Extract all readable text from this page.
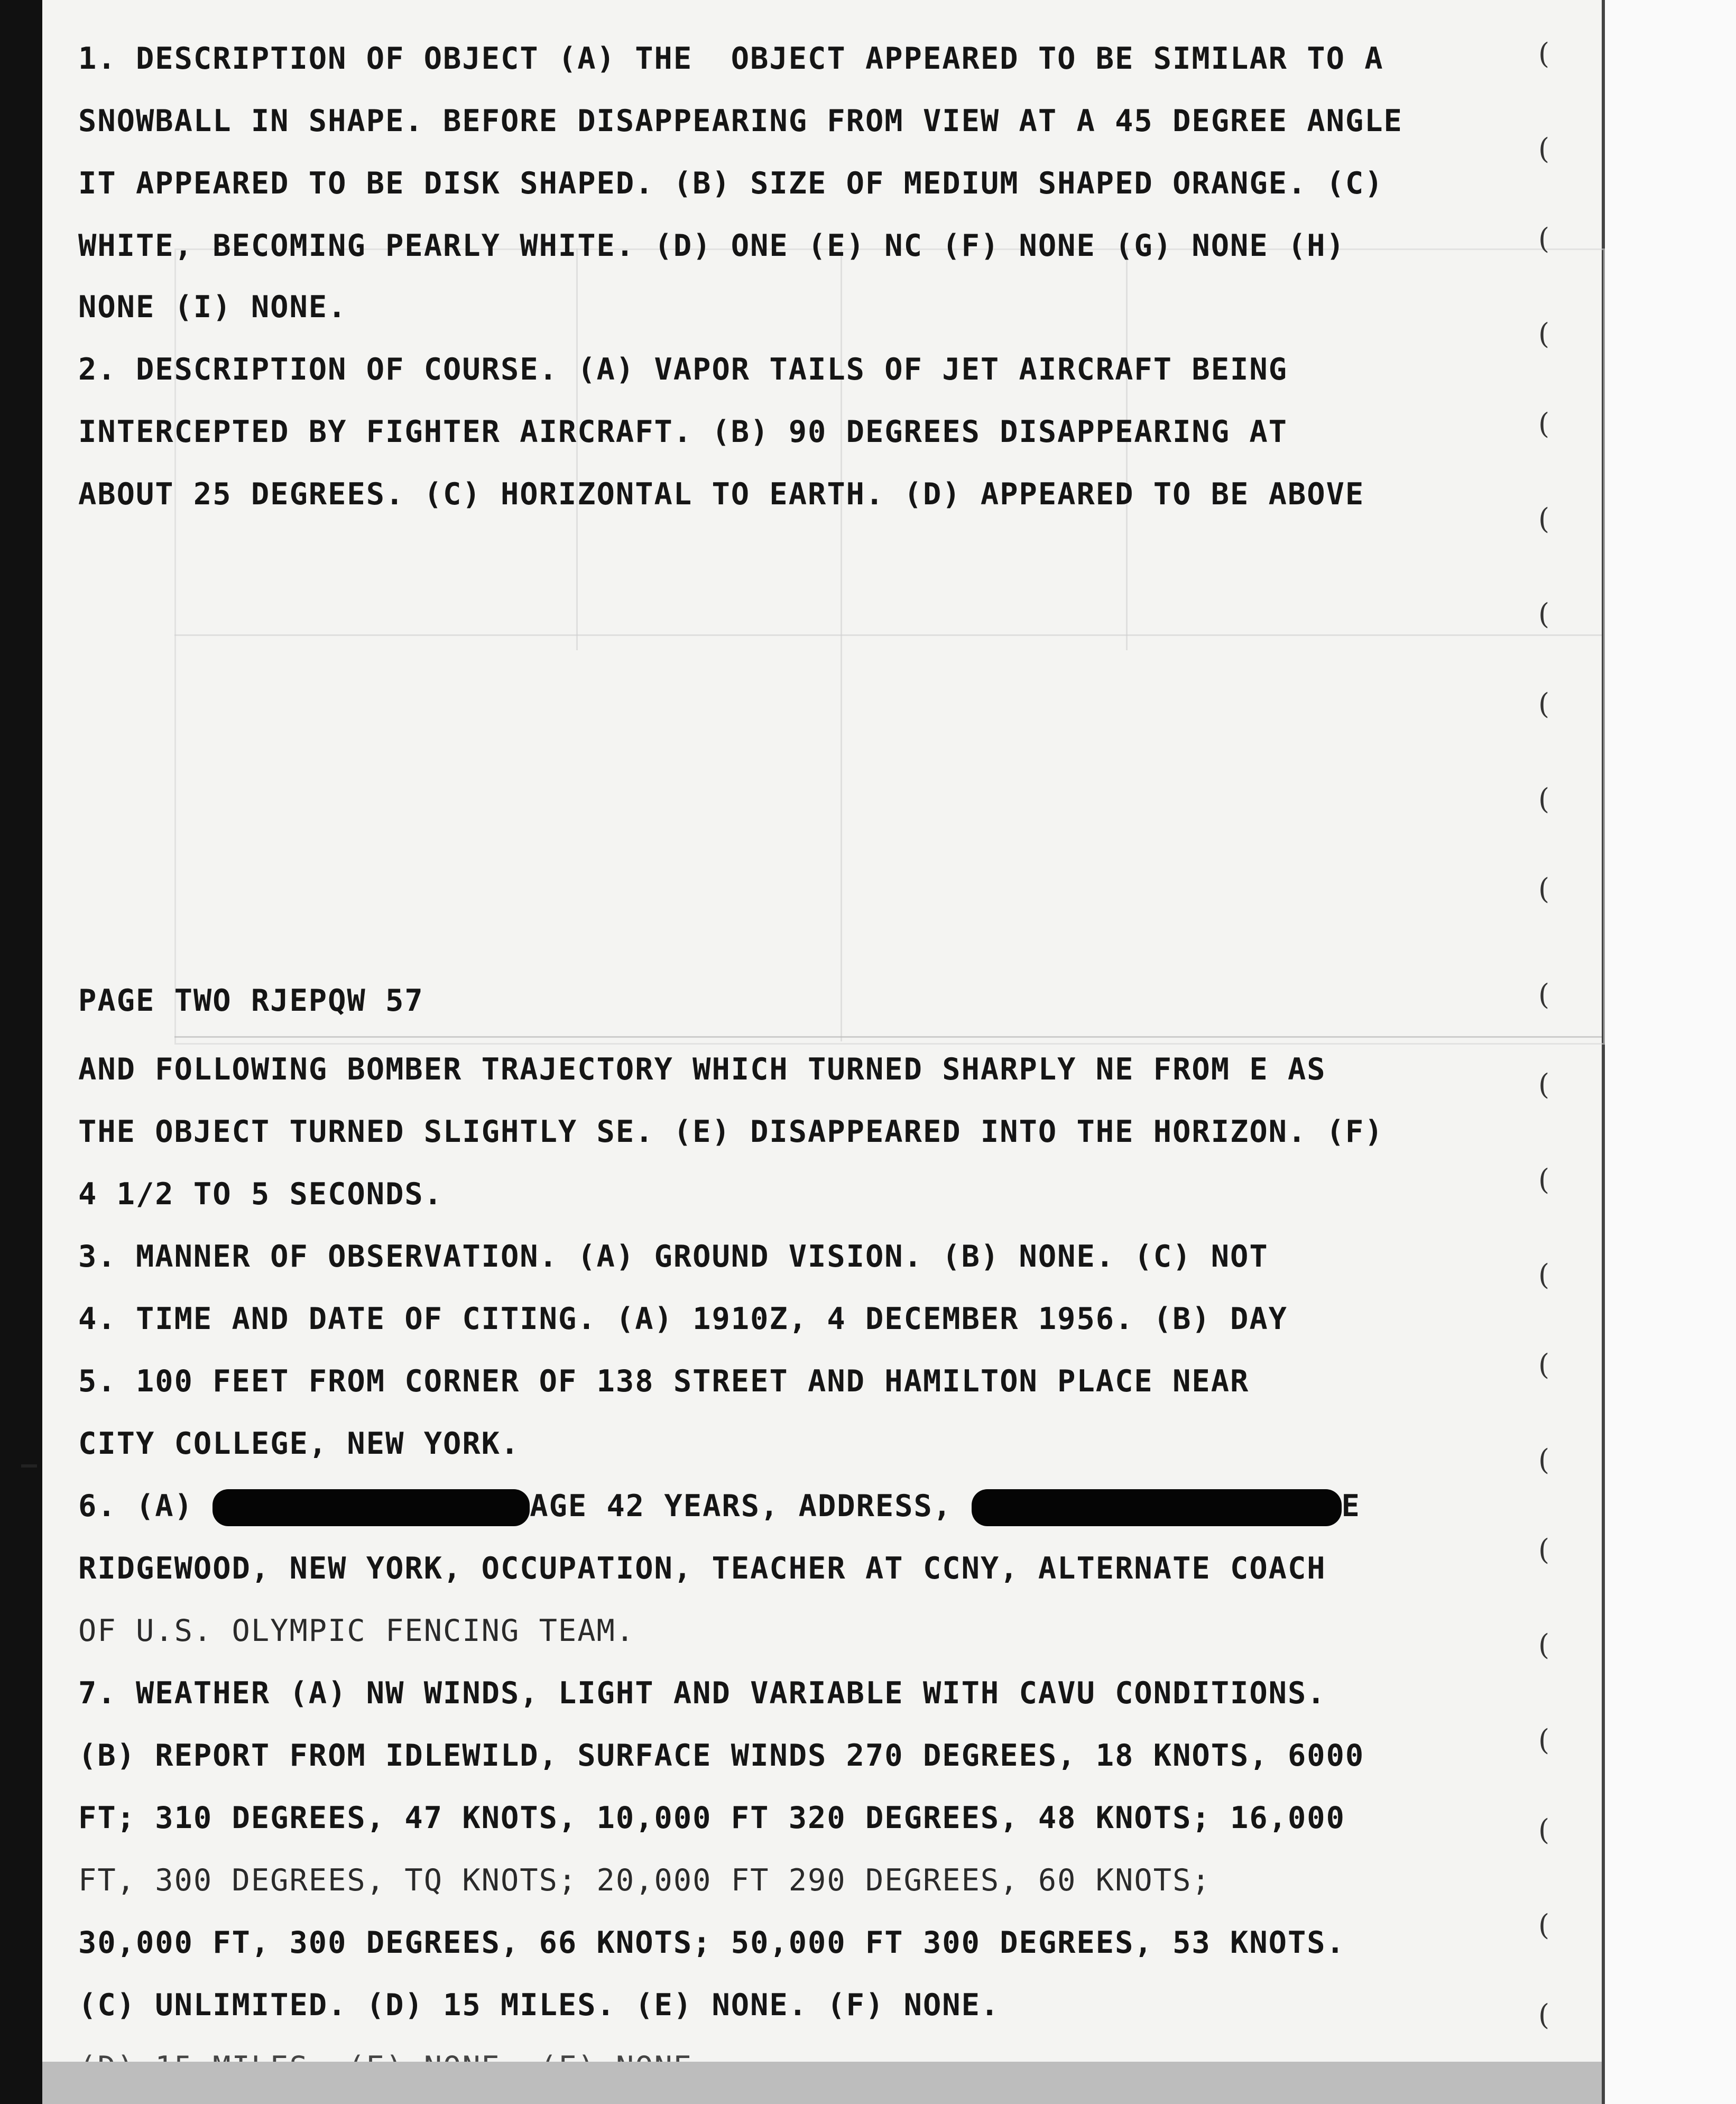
1. DESCRIPTION OF OBJECT (A) THE  OBJECT APPEARED TO BE SIMILAR TO A
SNOWBALL IN SHAPE. BEFORE DISAPPEARING FROM VIEW AT A 45 DEGREE ANGLE
IT APPEARED TO BE DISK SHAPED. (B) SIZE OF MEDIUM SHAPED ORANGE. (C)
WHITE, BECOMING PEARLY WHITE. (D) ONE (E) NC (F) NONE (G) NONE (H)
NONE (I) NONE.
2. DESCRIPTION OF COURSE. (A) VAPOR TAILS OF JET AIRCRAFT BEING
INTERCEPTED BY FIGHTER AIRCRAFT. (B) 90 DEGREES DISAPPEARING AT
ABOUT 25 DEGREES. (C) HORIZONTAL TO EARTH. (D) APPEARED TO BE ABOVE
PAGE TWO RJEPQW 57
AND FOLLOWING BOMBER TRAJECTORY WHICH TURNED SHARPLY NE FROM E AS
THE OBJECT TURNED SLIGHTLY SE. (E) DISAPPEARED INTO THE HORIZON. (F)
4 1/2 TO 5 SECONDS.
3. MANNER OF OBSERVATION. (A) GROUND VISION. (B) NONE. (C) NOT
4. TIME AND DATE OF CITING. (A) 1910Z, 4 DECEMBER 1956. (B) DAY
5. 100 FEET FROM CORNER OF 138 STREET AND HAMILTON PLACE NEAR
CITY COLLEGE, NEW YORK.
6. (A)	AGE 42 YEARS, ADDRESS,	E
RIDGEWOOD, NEW YORK, OCCUPATION, TEACHER AT CCNY, ALTERNATE COACH
OF U.S. OLYMPIC FENCING TEAM.
7. WEATHER (A) NW WINDS, LIGHT AND VARIABLE WITH CAVU CONDITIONS.
(B) REPORT FROM IDLEWILD, SURFACE WINDS 270 DEGREES, 18 KNOTS, 6000
FT; 310 DEGREES, 47 KNOTS, 10,000 FT 320 DEGREES, 48 KNOTS; 16,000
FT, 300 DEGREES, TQ KNOTS; 20,000 FT 290 DEGREES, 60 KNOTS;
30,000 FT, 300 DEGREES, 66 KNOTS; 50,000 FT 300 DEGREES, 53 KNOTS.
(C) UNLIMITED. (D) 15 MILES. (E) NONE. (F) NONE.
(
(
(
(
(
(
(
(
(
(
(
(
(
(
(
(
(
(
(
(
(
(
